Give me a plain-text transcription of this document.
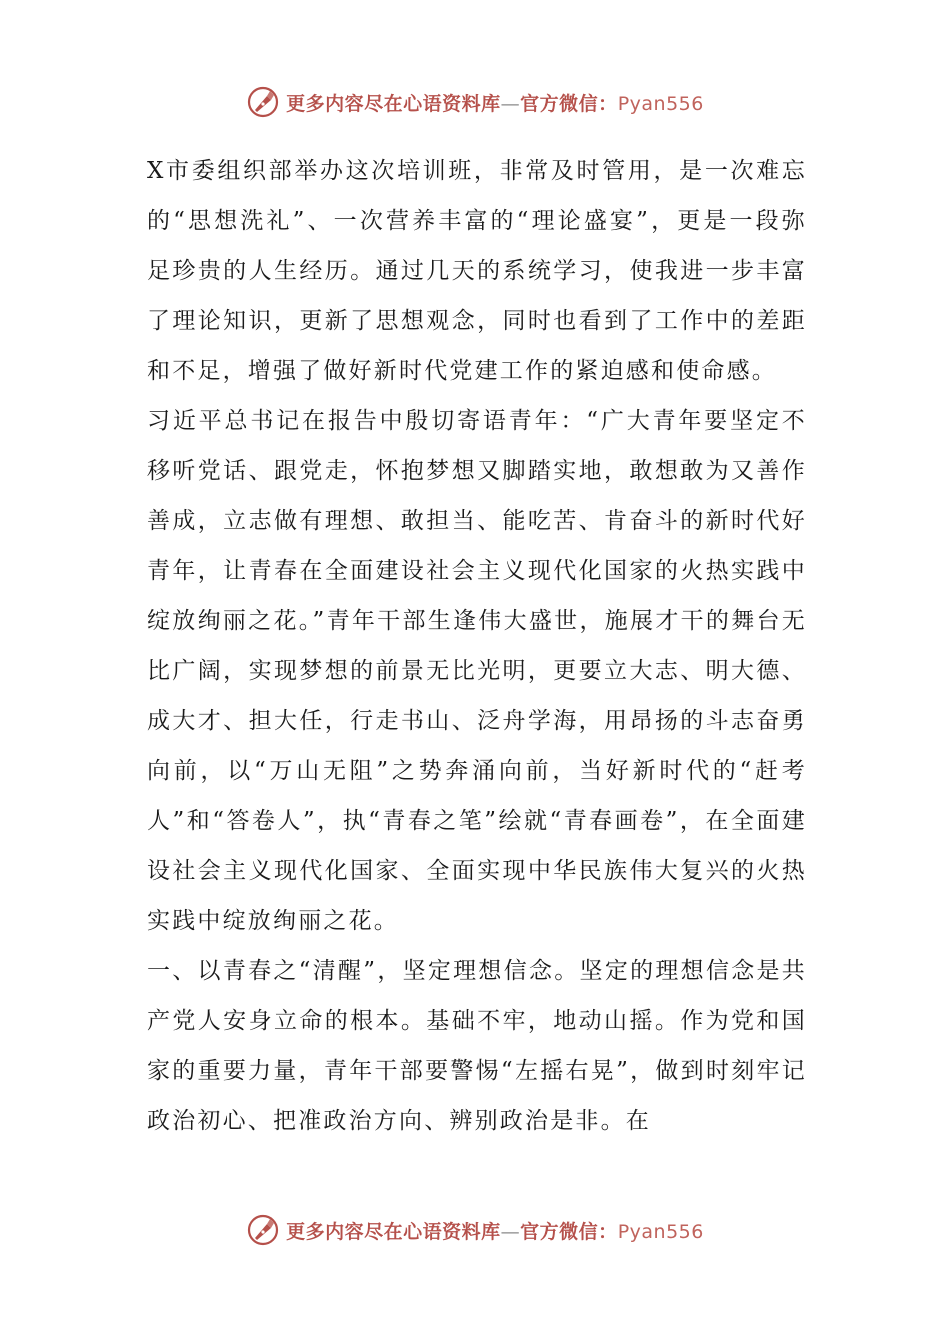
更多内容尽在心语资料库—官方微信：Pyan556

X市委组织部举办这次培训班，非常及时管用，是一次难忘的“思想洗礼”、一次营养丰富的“理论盛宴”，更是一段弥足珍贵的人生经历。通过几天的系统学习，使我进一步丰富了理论知识，更新了思想观念，同时也看到了工作中的差距和不足，增强了做好新时代党建工作的紧迫感和使命感。

习近平总书记在报告中殷切寄语青年：“广大青年要坚定不移听党话、跟党走，怀抱梦想又脚踏实地，敢想敢为又善作善成，立志做有理想、敢担当、能吃苦、肯奋斗的新时代好青年，让青春在全面建设社会主义现代化国家的火热实践中绽放绚丽之花。”青年干部生逢伟大盛世，施展才干的舞台无比广阔，实现梦想的前景无比光明，更要立大志、明大德、成大才、担大任，行走书山、泛舟学海，用昂扬的斗志奋勇向前，以“万山无阻”之势奔涌向前，当好新时代的“赶考人”和“答卷人”，执“青春之笔”绘就“青春画卷”，在全面建设社会主义现代化国家、全面实现中华民族伟大复兴的火热实践中绽放绚丽之花。

一、以青春之“清醒”，坚定理想信念。坚定的理想信念是共产党人安身立命的根本。基础不牢，地动山摇。作为党和国家的重要力量，青年干部要警惕“左摇右晃”，做到时刻牢记政治初心、把准政治方向、辨别政治是非。在

更多内容尽在心语资料库—官方微信：Pyan556
